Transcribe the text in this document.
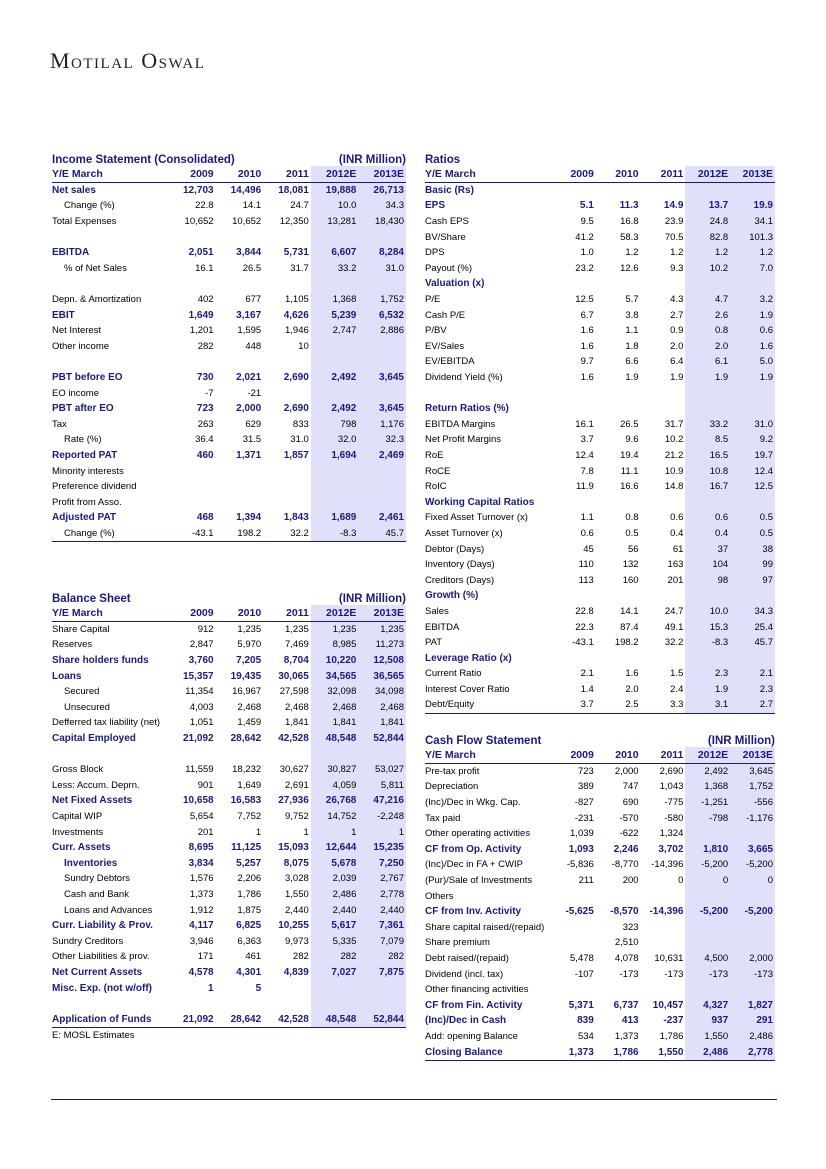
Motilal Oswal
Income Statement (Consolidated)	(INR Million)
Y/E March	2009	2010	2011	2012E	2013E
Net sales	12,703	14,496	18,081	19,888	26,713
Change (%)	22.8	14.1	24.7	10.0	34.3
Total Expenses	10,652	10,652	12,350	13,281	18,430

EBITDA	2,051	3,844	5,731	6,607	8,284
% of Net Sales	16.1	26.5	31.7	33.2	31.0

Depn. & Amortization	402	677	1,105	1,368	1,752
EBIT	1,649	3,167	4,626	5,239	6,532
Net Interest	1,201	1,595	1,946	2,747	2,886
Other income	282	448	10		

PBT before EO	730	2,021	2,690	2,492	3,645
EO income	-7	-21			
PBT after EO	723	2,000	2,690	2,492	3,645
Tax	263	629	833	798	1,176
Rate (%)	36.4	31.5	31.0	32.0	32.3
Reported PAT	460	1,371	1,857	1,694	2,469
Minority interests					
Preference dividend					
Profit from Asso.					
Adjusted PAT	468	1,394	1,843	1,689	2,461
Change (%)	-43.1	198.2	32.2	-8.3	45.7
Balance Sheet	(INR Million)
Y/E March	2009	2010	2011	2012E	2013E
Share Capital	912	1,235	1,235	1,235	1,235
Reserves	2,847	5,970	7,469	8,985	11,273
Share holders funds	3,760	7,205	8,704	10,220	12,508
Loans	15,357	19,435	30,065	34,565	36,565
Secured	11,354	16,967	27,598	32,098	34,098
Unsecured	4,003	2,468	2,468	2,468	2,468
Defferred tax liability (net)	1,051	1,459	1,841	1,841	1,841
Capital Employed	21,092	28,642	42,528	48,548	52,844

Gross Block	11,559	18,232	30,627	30,827	53,027
Less: Accum. Deprn.	901	1,649	2,691	4,059	5,811
Net Fixed Assets	10,658	16,583	27,936	26,768	47,216
Capital WIP	5,654	7,752	9,752	14,752	-2,248
Investments	201	1	1	1	1
Curr. Assets	8,695	11,125	15,093	12,644	15,235
Inventories	3,834	5,257	8,075	5,678	7,250
Sundry Debtors	1,576	2,206	3,028	2,039	2,767
Cash and Bank	1,373	1,786	1,550	2,486	2,778
Loans and Advances	1,912	1,875	2,440	2,440	2,440
Curr. Liability & Prov.	4,117	6,825	10,255	5,617	7,361
Sundry Creditors	3,946	6,363	9,973	5,335	7,079
Other Liabilities & prov.	171	461	282	282	282
Net Current Assets	4,578	4,301	4,839	7,027	7,875
Misc. Exp. (not w/off)	1	5			

Application of Funds	21,092	28,642	42,528	48,548	52,844
E: MOSL Estimates
Ratios
Y/E March	2009	2010	2011	2012E	2013E
Basic (Rs)					
EPS	5.1	11.3	14.9	13.7	19.9
Cash EPS	9.5	16.8	23.9	24.8	34.1
BV/Share	41.2	58.3	70.5	82.8	101.3
DPS	1.0	1.2	1.2	1.2	1.2
Payout (%)	23.2	12.6	9.3	10.2	7.0
Valuation (x)					
P/E	12.5	5.7	4.3	4.7	3.2
Cash P/E	6.7	3.8	2.7	2.6	1.9
P/BV	1.6	1.1	0.9	0.8	0.6
EV/Sales	1.6	1.8	2.0	2.0	1.6
EV/EBITDA	9.7	6.6	6.4	6.1	5.0
Dividend Yield (%)	1.6	1.9	1.9	1.9	1.9

Return Ratios (%)					
EBITDA Margins	16.1	26.5	31.7	33.2	31.0
Net Profit Margins	3.7	9.6	10.2	8.5	9.2
RoE	12.4	19.4	21.2	16.5	19.7
RoCE	7.8	11.1	10.9	10.8	12.4
RoIC	11.9	16.6	14.8	16.7	12.5
Working Capital Ratios					
Fixed Asset Turnover (x)	1.1	0.8	0.6	0.6	0.5
Asset Turnover (x)	0.6	0.5	0.4	0.4	0.5
Debtor (Days)	45	56	61	37	38
Inventory (Days)	110	132	163	104	99
Creditors (Days)	113	160	201	98	97
Growth (%)					
Sales	22.8	14.1	24.7	10.0	34.3
EBITDA	22.3	87.4	49.1	15.3	25.4
PAT	-43.1	198.2	32.2	-8.3	45.7
Leverage Ratio (x)					
Current Ratio	2.1	1.6	1.5	2.3	2.1
Interest Cover Ratio	1.4	2.0	2.4	1.9	2.3
Debt/Equity	3.7	2.5	3.3	3.1	2.7
Cash Flow Statement	(INR Million)
Y/E March	2009	2010	2011	2012E	2013E
Pre-tax profit	723	2,000	2,690	2,492	3,645
Depreciation	389	747	1,043	1,368	1,752
(Inc)/Dec in Wkg. Cap.	-827	690	-775	-1,251	-556
Tax paid	-231	-570	-580	-798	-1,176
Other operating activities	1,039	-622	1,324		
CF from Op. Activity	1,093	2,246	3,702	1,810	3,665
(Inc)/Dec in FA + CWIP	-5,836	-8,770	-14,396	-5,200	-5,200
(Pur)/Sale of Investments	211	200	0	0	0
Others					
CF from Inv. Activity	-5,625	-8,570	-14,396	-5,200	-5,200
Share capital raised/(repaid)		323			
Share premium		2,510			
Debt raised/(repaid)	5,478	4,078	10,631	4,500	2,000
Dividend (incl. tax)	-107	-173	-173	-173	-173
Other financing activities					
CF from Fin. Activity	5,371	6,737	10,457	4,327	1,827
(Inc)/Dec in Cash	839	413	-237	937	291
Add: opening Balance	534	1,373	1,786	1,550	2,486
Closing Balance	1,373	1,786	1,550	2,486	2,778
